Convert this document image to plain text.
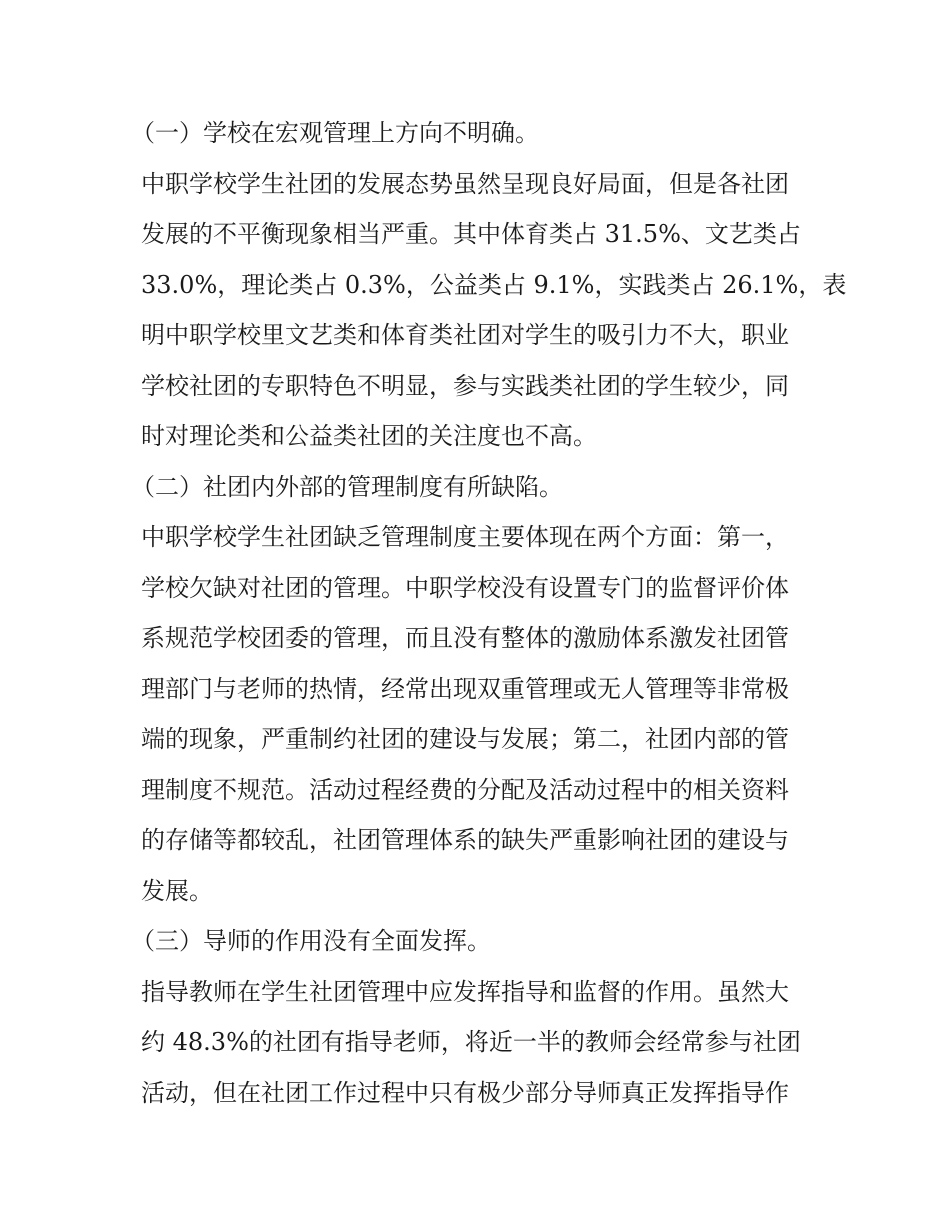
（一）学校在宏观管理上方向不明确。

中职学校学生社团的发展态势虽然呈现良好局面，但是各社团

发展的不平衡现象相当严重。其中体育类占 31.5%、文艺类占

33.0%，理论类占 0.3%，公益类占 9.1%，实践类占 26.1%，表

明中职学校里文艺类和体育类社团对学生的吸引力不大，职业

学校社团的专职特色不明显，参与实践类社团的学生较少，同

时对理论类和公益类社团的关注度也不高。

（二）社团内外部的管理制度有所缺陷。

中职学校学生社团缺乏管理制度主要体现在两个方面：第一，

学校欠缺对社团的管理。中职学校没有设置专门的监督评价体

系规范学校团委的管理，而且没有整体的激励体系激发社团管

理部门与老师的热情，经常出现双重管理或无人管理等非常极

端的现象，严重制约社团的建设与发展；第二，社团内部的管

理制度不规范。活动过程经费的分配及活动过程中的相关资料

的存储等都较乱，社团管理体系的缺失严重影响社团的建设与

发展。

（三）导师的作用没有全面发挥。

指导教师在学生社团管理中应发挥指导和监督的作用。虽然大

约 48.3%的社团有指导老师，将近一半的教师会经常参与社团

活动，但在社团工作过程中只有极少部分导师真正发挥指导作
